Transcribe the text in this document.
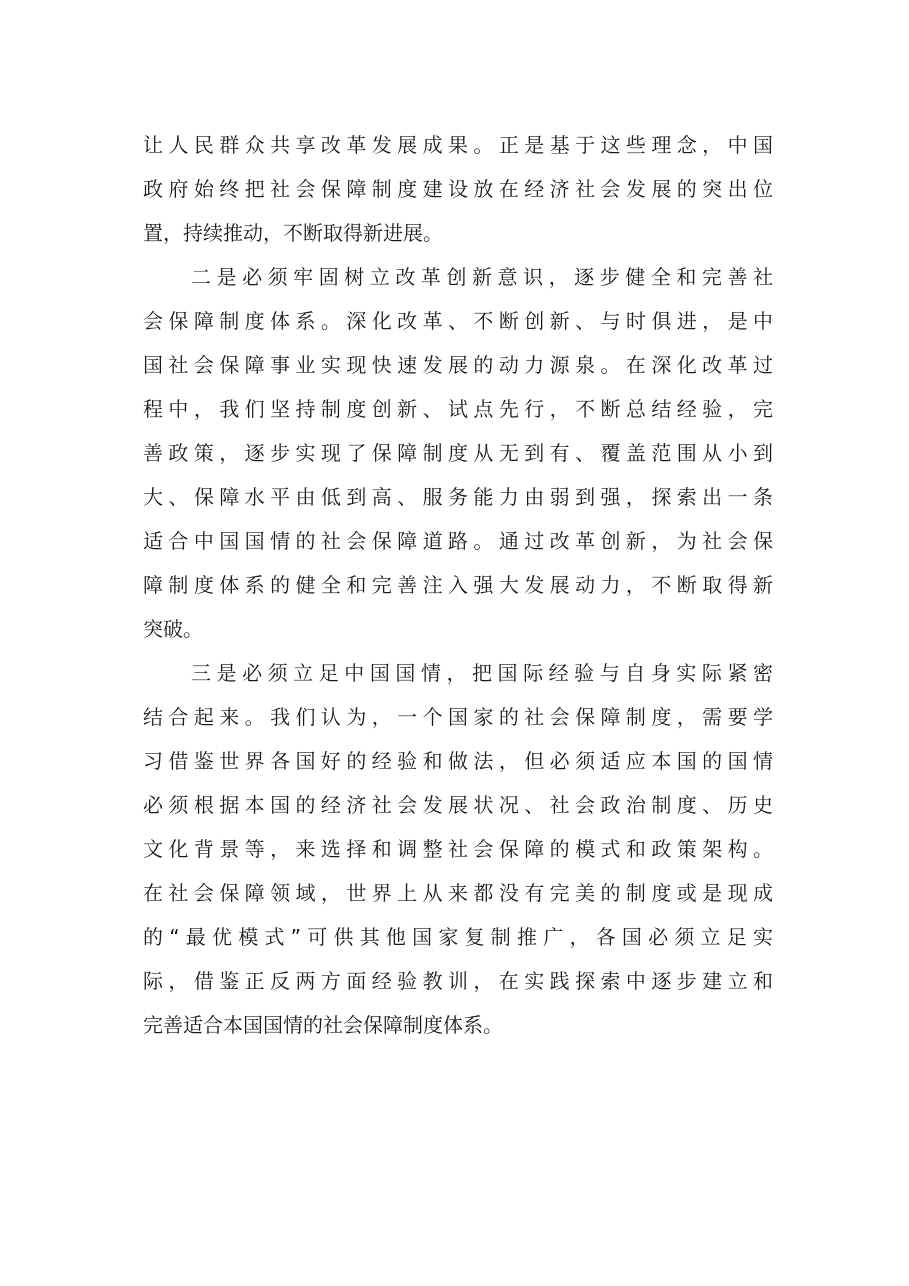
让人民群众共享改革发展成果。正是基于这些理念，中国
政府始终把社会保障制度建设放在经济社会发展的突出位
置，持续推动，不断取得新进展。
二是必须牢固树立改革创新意识，逐步健全和完善社
会保障制度体系。深化改革、不断创新、与时俱进，是中
国社会保障事业实现快速发展的动力源泉。在深化改革过
程中，我们坚持制度创新、试点先行，不断总结经验，完
善政策，逐步实现了保障制度从无到有、覆盖范围从小到
大、保障水平由低到高、服务能力由弱到强，探索出一条
适合中国国情的社会保障道路。通过改革创新，为社会保
障制度体系的健全和完善注入强大发展动力，不断取得新
突破。
三是必须立足中国国情，把国际经验与自身实际紧密
结合起来。我们认为，一个国家的社会保障制度，需要学
习借鉴世界各国好的经验和做法，但必须适应本国的国情
必须根据本国的经济社会发展状况、社会政治制度、历史
文化背景等，来选择和调整社会保障的模式和政策架构。
在社会保障领域，世界上从来都没有完美的制度或是现成
的“最优模式”可供其他国家复制推广，各国必须立足实
际，借鉴正反两方面经验教训，在实践探索中逐步建立和
完善适合本国国情的社会保障制度体系。
